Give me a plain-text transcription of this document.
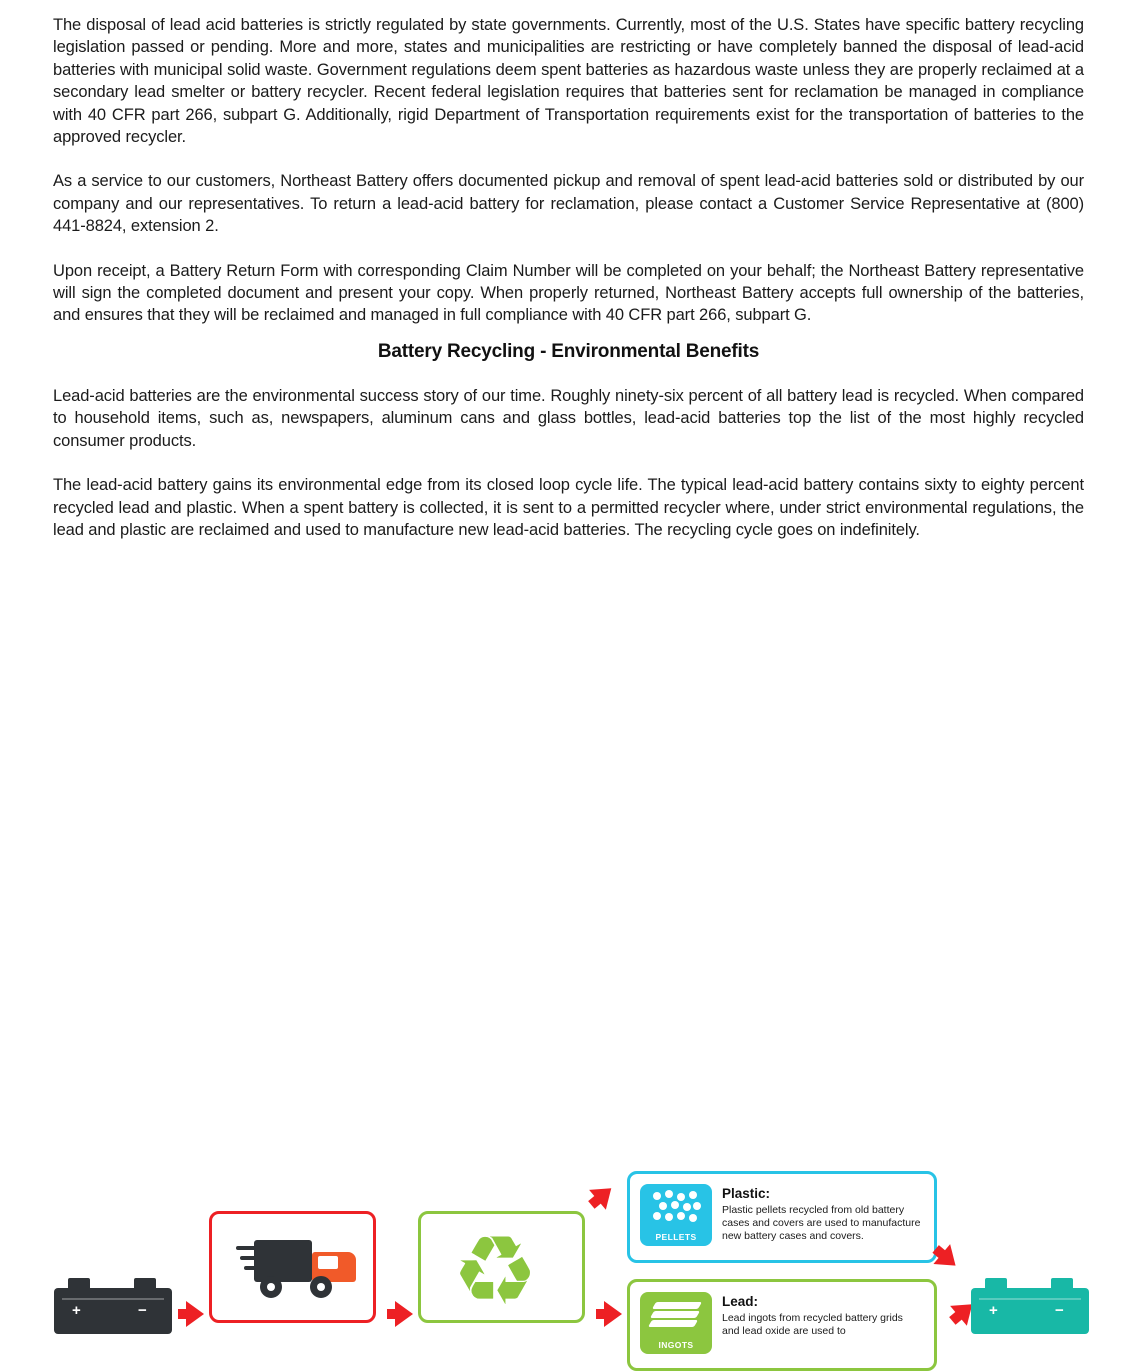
The disposal of lead acid batteries is strictly regulated by state governments. Currently, most of the U.S. States have specific battery recycling legislation passed or pending. More and more, states and municipalities are restricting or have completely banned the disposal of lead-acid batteries with municipal solid waste. Government regulations deem spent batteries as hazardous waste unless they are properly reclaimed at a secondary lead smelter or battery recycler. Recent federal legislation requires that batteries sent for reclamation be managed in compliance with 40 CFR part 266, subpart G. Additionally, rigid Department of Transportation requirements exist for the transportation of batteries to the approved recycler.

As a service to our customers, Northeast Battery offers documented pickup and removal of spent lead-acid batteries sold or distributed by our company and our representatives. To return a lead-acid battery for reclamation, please contact a Customer Service Representative at (800) 441-8824, extension 2.

Upon receipt, a Battery Return Form with corresponding Claim Number will be completed on your behalf; the Northeast Battery representative will sign the completed document and present your copy. When properly returned, Northeast Battery accepts full ownership of the batteries, and ensures that they will be reclaimed and managed in full compliance with 40 CFR part 266, subpart G.

Battery Recycling - Environmental Benefits

Lead-acid batteries are the environmental success story of our time. Roughly ninety-six percent of all battery lead is recycled. When compared to household items, such as, newspapers, aluminum cans and glass bottles, lead-acid batteries top the list of the most highly recycled consumer products.

The lead-acid battery gains its environmental edge from its closed loop cycle life. The typical lead-acid battery contains sixty to eighty percent recycled lead and plastic. When a spent battery is collected, it is sent to a permitted recycler where, under strict environmental regulations, the lead and plastic are reclaimed and used to manufacture new lead-acid batteries. The recycling cycle goes on indefinitely.

+	−	♻	PELLETS
Plastic:
Plastic pellets recycled from old battery cases and covers are used to manufacture new battery cases and covers.
INGOTS
Lead:
Lead ingots from recycled battery grids and lead oxide are used to
+	−
